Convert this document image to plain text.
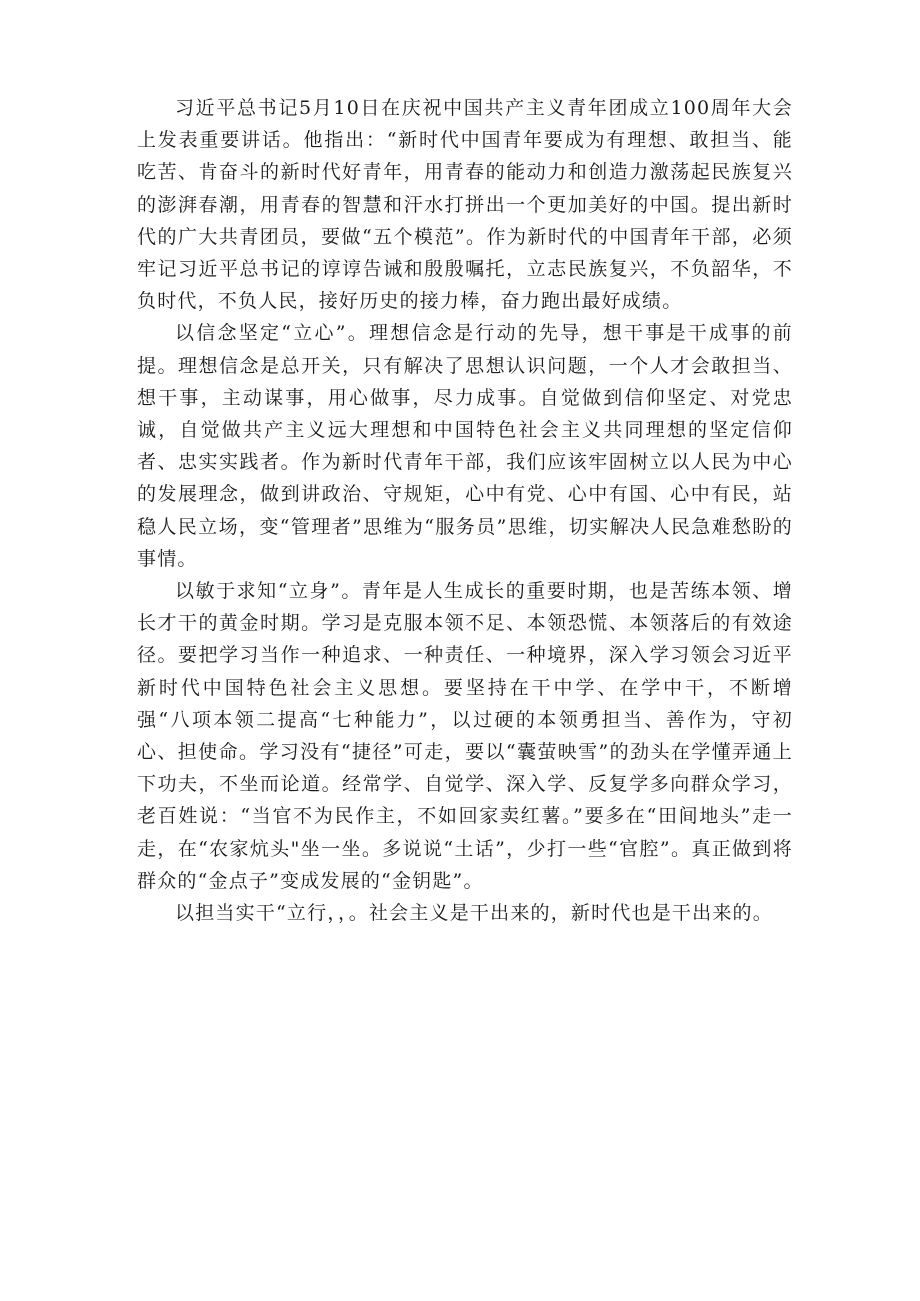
习近平总书记5月10日在庆祝中国共产主义青年团成立100周年大会上发表重要讲话。他指出：“新时代中国青年要成为有理想、敢担当、能吃苦、肯奋斗的新时代好青年，用青春的能动力和创造力激荡起民族复兴的澎湃春潮，用青春的智慧和汗水打拼出一个更加美好的中国。提出新时代的广大共青团员，要做“五个模范”。作为新时代的中国青年干部，必须牢记习近平总书记的谆谆告诫和殷殷嘱托，立志民族复兴，不负韶华，不负时代，不负人民，接好历史的接力棒，奋力跑出最好成绩。

以信念坚定“立心”。理想信念是行动的先导，想干事是干成事的前提。理想信念是总开关，只有解决了思想认识问题，一个人才会敢担当、想干事，主动谋事，用心做事，尽力成事。自觉做到信仰坚定、对党忠诚，自觉做共产主义远大理想和中国特色社会主义共同理想的坚定信仰者、忠实实践者。作为新时代青年干部，我们应该牢固树立以人民为中心的发展理念，做到讲政治、守规矩，心中有党、心中有国、心中有民，站稳人民立场，变“管理者”思维为“服务员”思维，切实解决人民急难愁盼的事情。

以敏于求知“立身”。青年是人生成长的重要时期，也是苦练本领、增长才干的黄金时期。学习是克服本领不足、本领恐慌、本领落后的有效途径。要把学习当作一种追求、一种责任、一种境界，深入学习领会习近平新时代中国特色社会主义思想。要坚持在干中学、在学中干，不断增强“八项本领二提高“七种能力”，以过硬的本领勇担当、善作为，守初心、担使命。学习没有“捷径”可走，要以“囊萤映雪”的劲头在学懂弄通上下功夫，不坐而论道。经常学、自觉学、深入学、反复学多向群众学习，老百姓说：“当官不为民作主，不如回家卖红薯。”要多在“田间地头”走一走，在“农家炕头"坐一坐。多说说“土话”，少打一些“官腔”。真正做到将群众的“金点子”变成发展的“金钥匙”。

以担当实干“立行，，。社会主义是干出来的，新时代也是干出来的。
